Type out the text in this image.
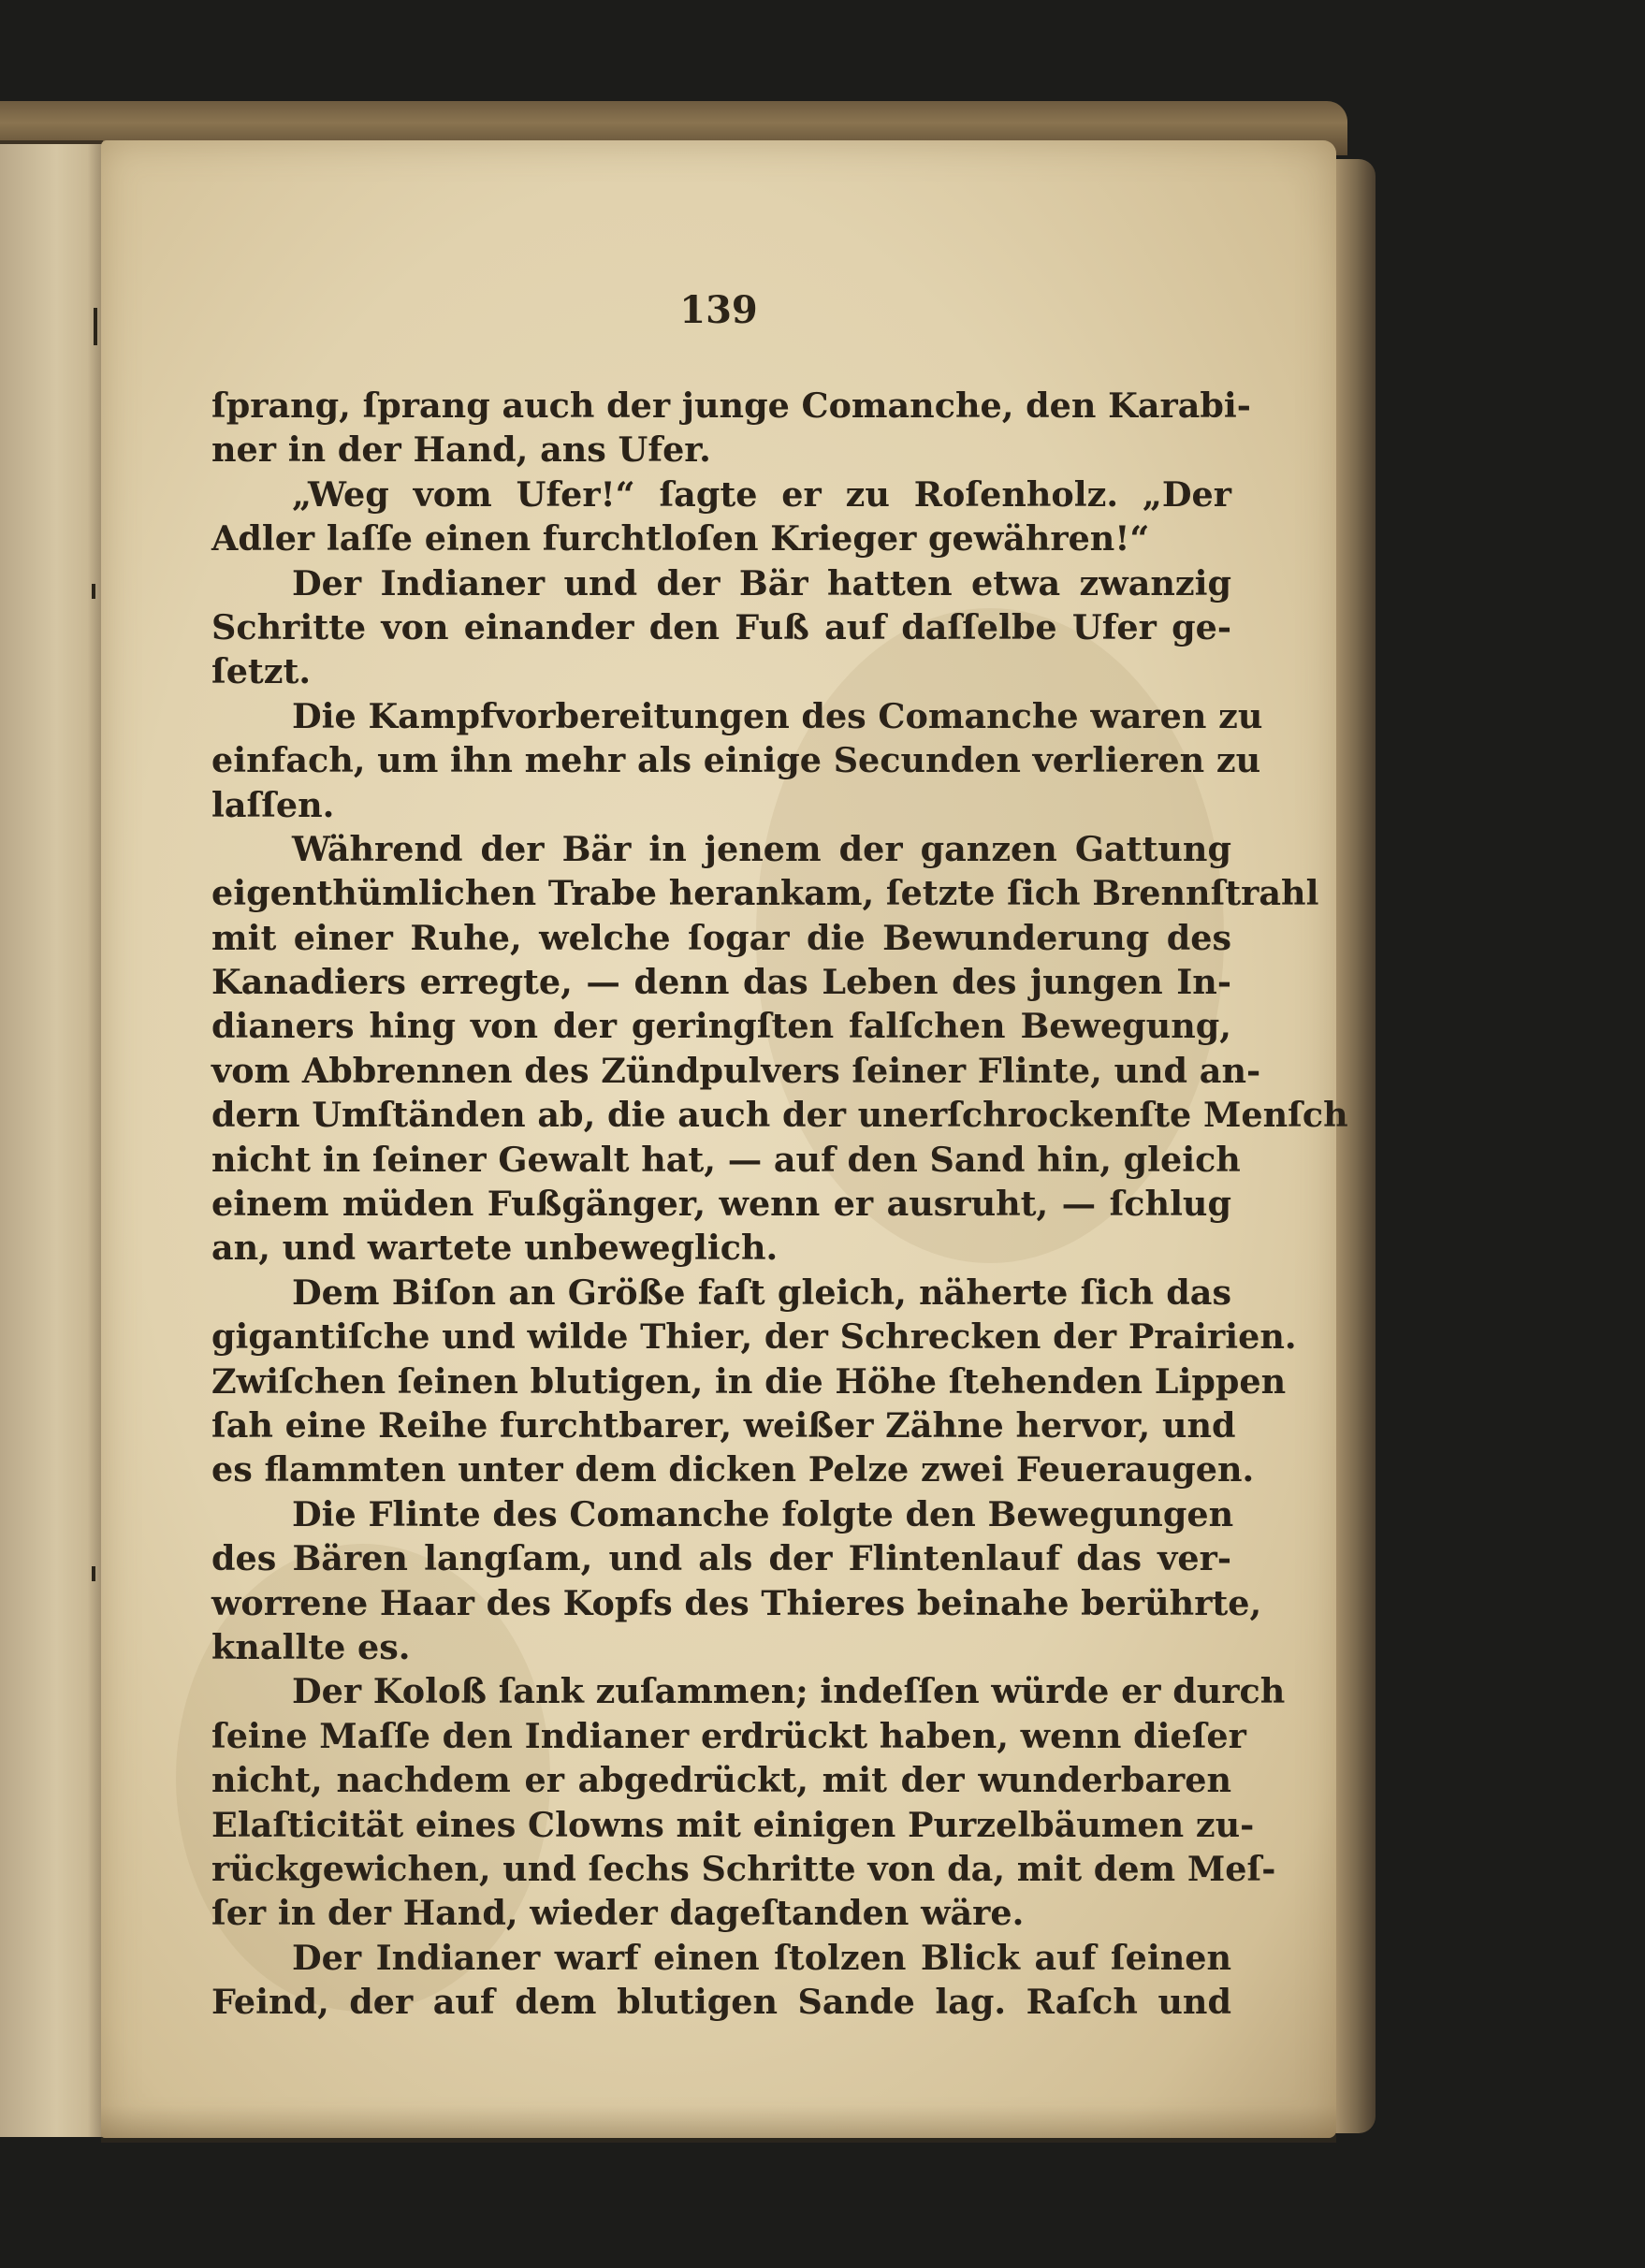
139
ſprang, ſprang auch der junge Comanche, den Karabi-
ner in der Hand, ans Ufer.
„Weg vom Ufer!“ ſagte er zu Roſenholz. „Der
Adler laſſe einen furchtloſen Krieger gewähren!“
Der Indianer und der Bär hatten etwa zwanzig
Schritte von einander den Fuß auf daſſelbe Ufer ge-
ſetzt.
Die Kampfvorbereitungen des Comanche waren zu
einfach, um ihn mehr als einige Secunden verlieren zu
laſſen.
Während der Bär in jenem der ganzen Gattung
eigenthümlichen Trabe herankam, ſetzte ſich Brennſtrahl
mit einer Ruhe, welche ſogar die Bewunderung des
Kanadiers erregte, — denn das Leben des jungen In-
dianers hing von der geringſten falſchen Bewegung,
vom Abbrennen des Zündpulvers ſeiner Flinte, und an-
dern Umſtänden ab, die auch der unerſchrockenſte Menſch
nicht in ſeiner Gewalt hat, — auf den Sand hin, gleich
einem müden Fußgänger, wenn er ausruht, — ſchlug
an, und wartete unbeweglich.
Dem Biſon an Größe faſt gleich, näherte ſich das
gigantiſche und wilde Thier, der Schrecken der Prairien.
Zwiſchen ſeinen blutigen, in die Höhe ſtehenden Lippen
ſah eine Reihe furchtbarer, weißer Zähne hervor, und
es flammten unter dem dicken Pelze zwei Feueraugen.
Die Flinte des Comanche folgte den Bewegungen
des Bären langſam, und als der Flintenlauf das ver-
worrene Haar des Kopfs des Thieres beinahe berührte,
knallte es.
Der Koloß ſank zuſammen; indeſſen würde er durch
ſeine Maſſe den Indianer erdrückt haben, wenn dieſer
nicht, nachdem er abgedrückt, mit der wunderbaren
Elaſticität eines Clowns mit einigen Purzelbäumen zu-
rückgewichen, und ſechs Schritte von da, mit dem Meſ-
ſer in der Hand, wieder dageſtanden wäre.
Der Indianer warf einen ſtolzen Blick auf ſeinen
Feind, der auf dem blutigen Sande lag. Raſch und
